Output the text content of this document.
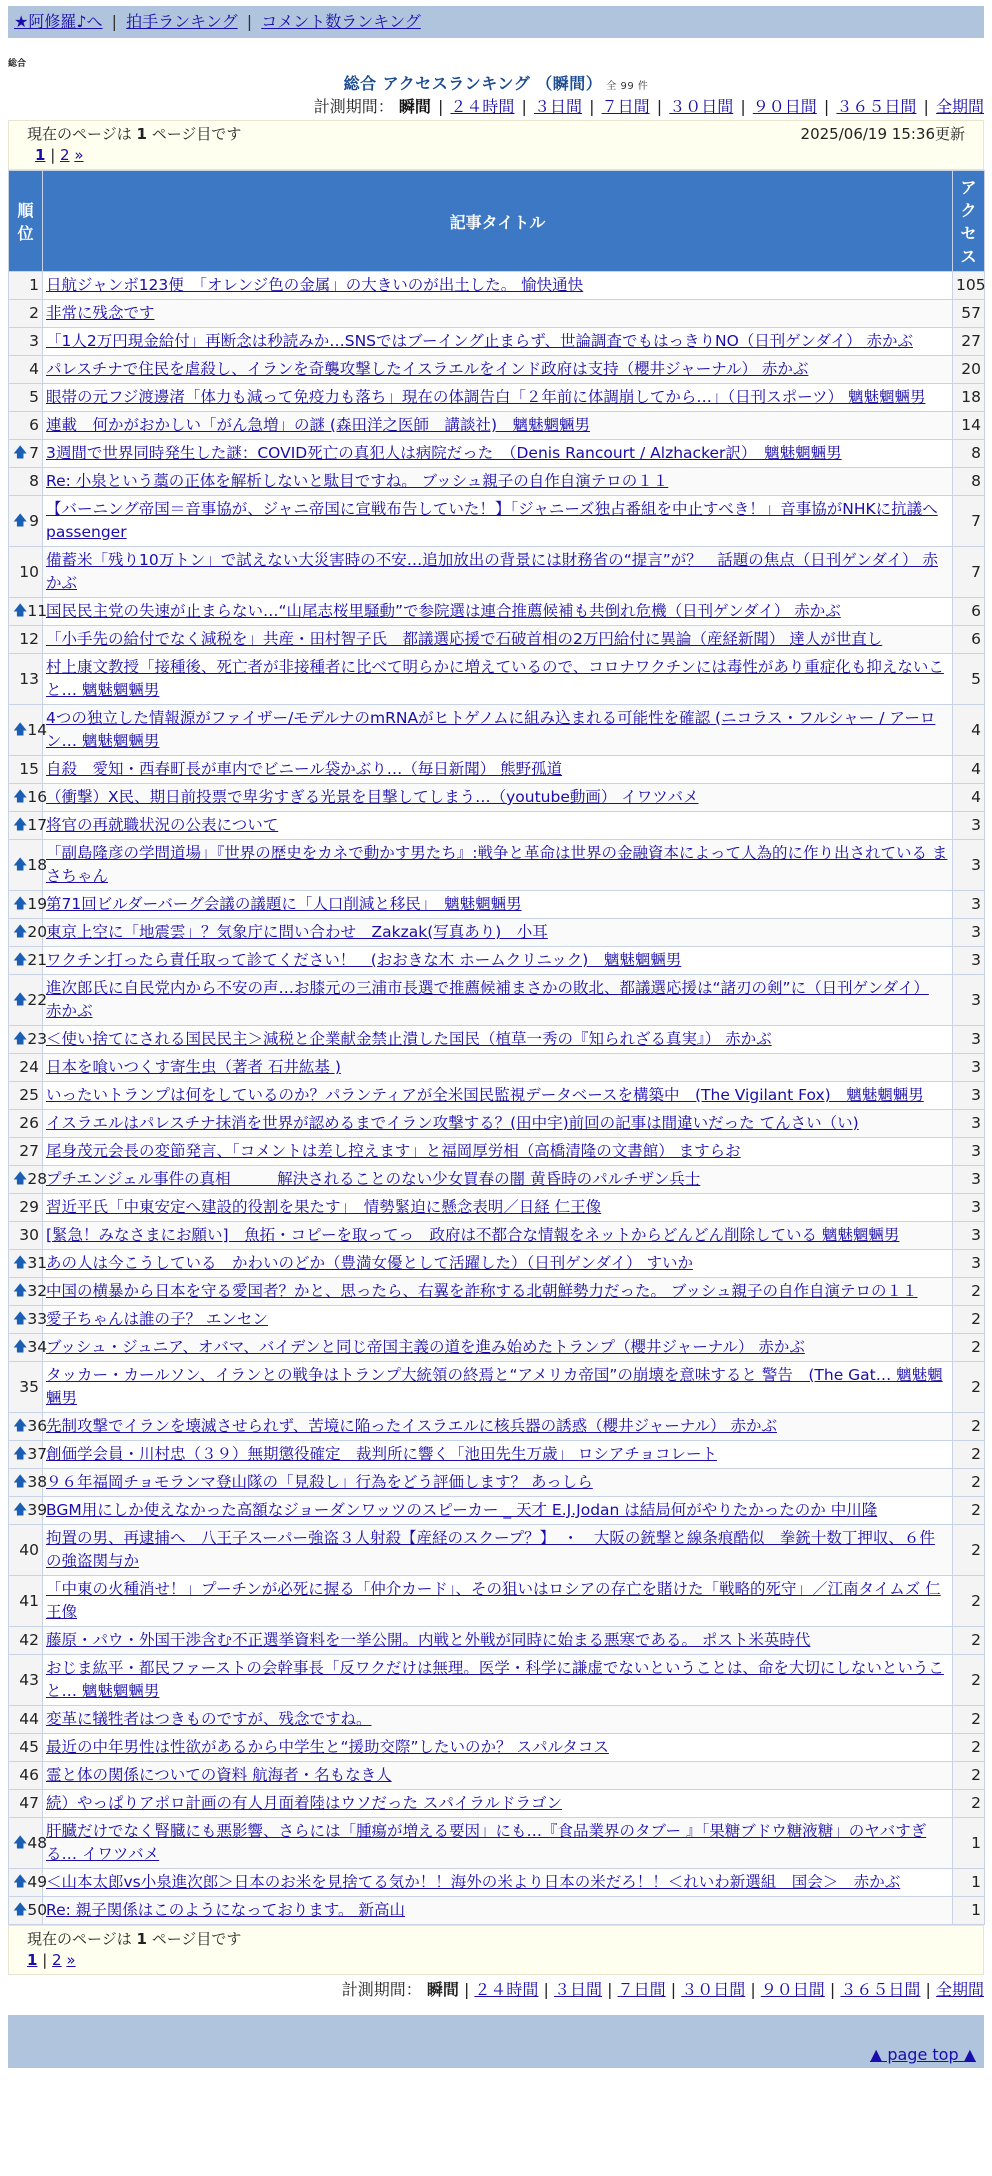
★阿修羅♪へ | 拍手ランキング | コメント数ランキング
総合
総合 アクセスランキング （瞬間） 全 99 件
計測期間： 瞬間 | ２４時間 | ３日間 | ７日間 | ３０日間 | ９０日間 | ３６５日間 | 全期間
現在のページは 1 ページ目です	2025/06/19 15:36更新
1 | 2 »
順位	記事タイトル	アクセス
1	日航ジャンボ123便　「オレンジ色の金属」の大きいのが出土した。 愉快通快	105
2	非常に残念です	57
3	「1人2万円現金給付」再断念は秒読みか…SNSではブーイング止まらず、世論調査でもはっきりNO（日刊ゲンダイ） 赤かぶ	27
4	パレスチナで住民を虐殺し、イランを奇襲攻撃したイスラエルをインド政府は支持（櫻井ジャーナル） 赤かぶ	20
5	眼帯の元フジ渡邊渚「体力も減って免疫力も落ち」現在の体調告白「２年前に体調崩してから…」（日刊スポーツ） 魑魅魍魎男	18
6	連載　何かがおかしい「がん急増」の謎 (森田洋之医師　講談社)　魑魅魍魎男	14

🡅 7	3週間で世界同時発生した謎：COVID死亡の真犯人は病院だった　（Denis Rancourt / Alzhacker訳）　魑魅魍魎男	8
8	Re: 小泉という藁の正体を解析しないと駄目ですね。 ブッシュ親子の自作自演テロの１１	8

🡅 9	【バーニング帝国＝音事協が、ジャニ帝国に宣戦布告していた！】「ジャニーズ独占番組を中止すべき！」音事協がNHKに抗議へ passenger	7
10	備蓄米「残り10万トン」で試えない大災害時の不安…追加放出の背景には財務省の“提言”が？　話題の焦点（日刊ゲンダイ） 赤かぶ	7

🡅 11	国民民主党の失速が止まらない…“山尾志桜里騒動”で参院選は連合推薦候補も共倒れ危機（日刊ゲンダイ） 赤かぶ	6
12	「小手先の給付でなく減税を」共産・田村智子氏　都議選応援で石破首相の2万円給付に異論（産経新聞） 達人が世直し	6
13	村上康文教授「接種後、死亡者が非接種者に比べて明らかに増えているので、コロナワクチンには毒性があり重症化も抑えないこと… 魑魅魍魎男	5

🡅 14	4つの独立した情報源がファイザー/モデルナのmRNAがヒトゲノムに組み込まれる可能性を確認 (ニコラス・フルシャー / アーロン… 魑魅魍魎男	4
15	自殺　愛知・西春町長が車内でビニール袋かぶり…（毎日新聞） 熊野孤道	4

🡅 16	（衝撃）X民、期日前投票で卑劣すぎる光景を目撃してしまう…（youtube動画） イワツバメ	4

🡅 17	将官の再就職状況の公表について	3

🡅 18	「副島隆彦の学問道場」『世界の歴史をカネで動かす男たち』:戦争と革命は世界の金融資本によって人為的に作り出されている まさちゃん	3

🡅 19	第71回ビルダーバーグ会議の議題に「人口削減と移民」　魑魅魍魎男	3

🡅 20	東京上空に「地震雲」？気象庁に問い合わせ　Zakzak(写真あり)　小耳	3

🡅 21	ワクチン打ったら責任取って診てください！　(おおきな木 ホームクリニック)　魑魅魍魎男	3

🡅 22	進次郎氏に自民党内から不安の声…お膝元の三浦市長選で推薦候補まさかの敗北、都議選応援は“諸刃の剣”に（日刊ゲンダイ） 赤かぶ	3

🡅 23	＜使い捨てにされる国民民主＞減税と企業献金禁止潰した国民（植草一秀の『知られざる真実』） 赤かぶ	3
24	日本を喰いつくす寄生虫（著者 石井紘基 )	3
25	いったいトランプは何をしているのか？パランティアが全米国民監視データベースを構築中　(The Vigilant Fox)　魑魅魍魎男	3
26	イスラエルはパレスチナ抹消を世界が認めるまでイラン攻撃する？(田中宇)前回の記事は間違いだった てんさい（い)	3
27	尾身茂元会長の変節発言、「コメントは差し控えます」と福岡厚労相（高橋清隆の文書館） ますらお	3

🡅 28	プチエンジェル事件の真相　　　解決されることのない少女買春の闇 黄昏時のパルチザン兵士	3
29	習近平氏「中東安定へ建設的役割を果たす」　情勢緊迫に懸念表明／日経 仁王像	3
30	[緊急！みなさまにお願い]　魚拓・コピーを取ってっ　政府は不都合な情報をネットからどんどん削除している 魑魅魍魎男	3

🡅 31	あの人は今こうしている　かわいのどか（豊満女優として活躍した）（日刊ゲンダイ） すいか	3

🡅 32	中国の横暴から日本を守る愛国者？かと、思ったら、右翼を詐称する北朝鮮勢力だった。 ブッシュ親子の自作自演テロの１１	2

🡅 33	愛子ちゃんは誰の子？ エンセン	2

🡅 34	ブッシュ・ジュニア、オバマ、バイデンと同じ帝国主義の道を進み始めたトランプ（櫻井ジャーナル） 赤かぶ	2
35	タッカー・カールソン、イランとの戦争はトランプ大統領の終焉と“アメリカ帝国”の崩壊を意味すると 警告　(The Gat… 魑魅魍魎男	2

🡅 36	先制攻撃でイランを壊滅させられず、苦境に陥ったイスラエルに核兵器の誘惑（櫻井ジャーナル） 赤かぶ	2

🡅 37	創価学会員・川村忠（３９）無期懲役確定　裁判所に響く「池田先生万歳」 ロシアチョコレート	2

🡅 38	９６年福岡チョモランマ登山隊の「見殺し」行為をどう評価します？ あっしら	2

🡅 39	BGM用にしか使えなかった高額なジョーダンワッツのスピーカー _ 天才 E.J.Jodan は結局何がやりたかったのか 中川隆	2
40	拘置の男、再逮捕へ　八王子スーパー強盗３人射殺【産経のスクープ？】　・　大阪の銃撃と線条痕酷似　拳銃十数丁押収、６件の強盗関与か	2
41	「中東の火種消せ！」プーチンが必死に握る「仲介カード」、その狙いはロシアの存亡を賭けた「戦略的死守」／江南タイムズ 仁王像	2
42	藤原・パウ・外国干渉含む不正選挙資料を一挙公開。内戦と外戦が同時に始まる悪寒である。 ポスト米英時代	2
43	おじま紘平・都民ファーストの会幹事長「反ワクだけは無理。医学・科学に謙虚でないということは、命を大切にしないということ… 魑魅魍魎男	2
44	変革に犠牲者はつきものですが、残念ですね。	2
45	最近の中年男性は性欲があるから中学生と“援助交際”したいのか？ スパルタコス	2
46	霊と体の関係についての資料 航海者・名もなき人	2
47	続）やっぱりアポロ計画の有人月面着陸はウソだった スパイラルドラゴン	2

🡅 48	肝臓だけでなく腎臓にも悪影響、さらには「腫瘍が増える要因」にも…『食品業界のタブー 』「果糖ブドウ糖液糖」のヤバすぎる… イワツバメ	1

🡅 49	＜山本太郎vs小泉進次郎＞日本のお米を見捨てる気か！！海外の米より日本の米だろ！！＜れいわ新選組　国会＞　赤かぶ	1

🡅 50	Re: 親子関係はこのようになっております。 新高山	1
現在のページは 1 ページ目です
1 | 2 »
計測期間： 瞬間 | ２４時間 | ３日間 | ７日間 | ３０日間 | ９０日間 | ３６５日間 | 全期間
▲ page top ▲
